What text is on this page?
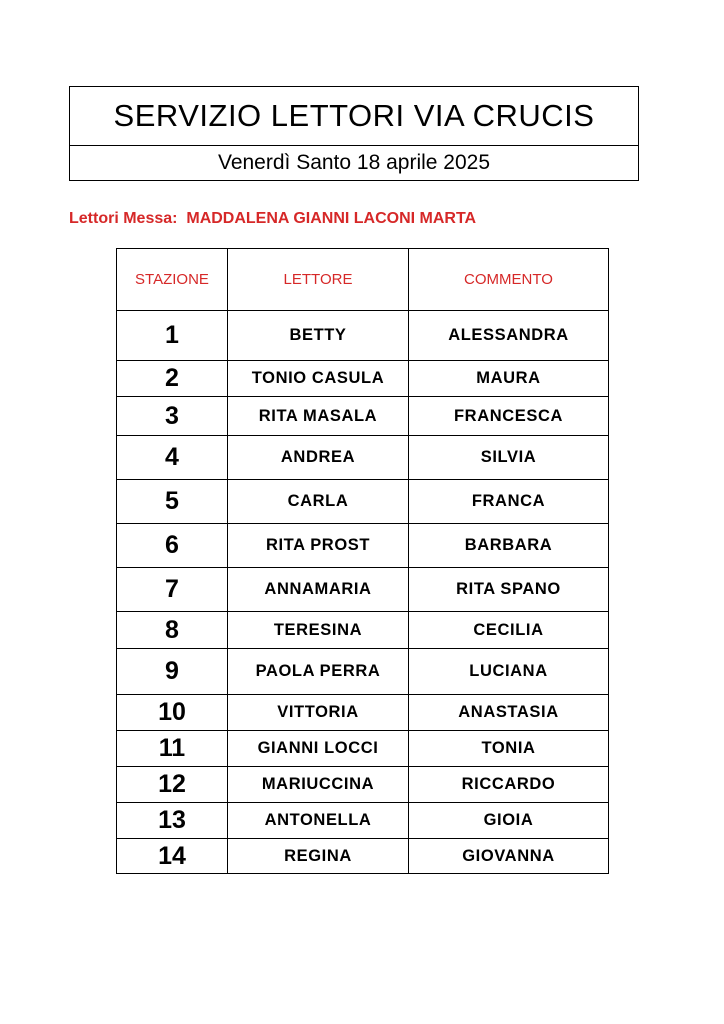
SERVIZIO LETTORI VIA CRUCIS
Venerdì Santo 18 aprile 2025
Lettori Messa:  MADDALENA GIANNI LACONI MARTA
STAZIONE	LETTORE	COMMENTO
1	BETTY	ALESSANDRA
2	TONIO CASULA	MAURA
3	RITA MASALA	FRANCESCA
4	ANDREA	SILVIA
5	CARLA	FRANCA
6	RITA PROST	BARBARA
7	ANNAMARIA	RITA SPANO
8	TERESINA	CECILIA
9	PAOLA PERRA	LUCIANA
10	VITTORIA	ANASTASIA
11	GIANNI LOCCI	TONIA
12	MARIUCCINA	RICCARDO
13	ANTONELLA	GIOIA
14	REGINA	GIOVANNA
